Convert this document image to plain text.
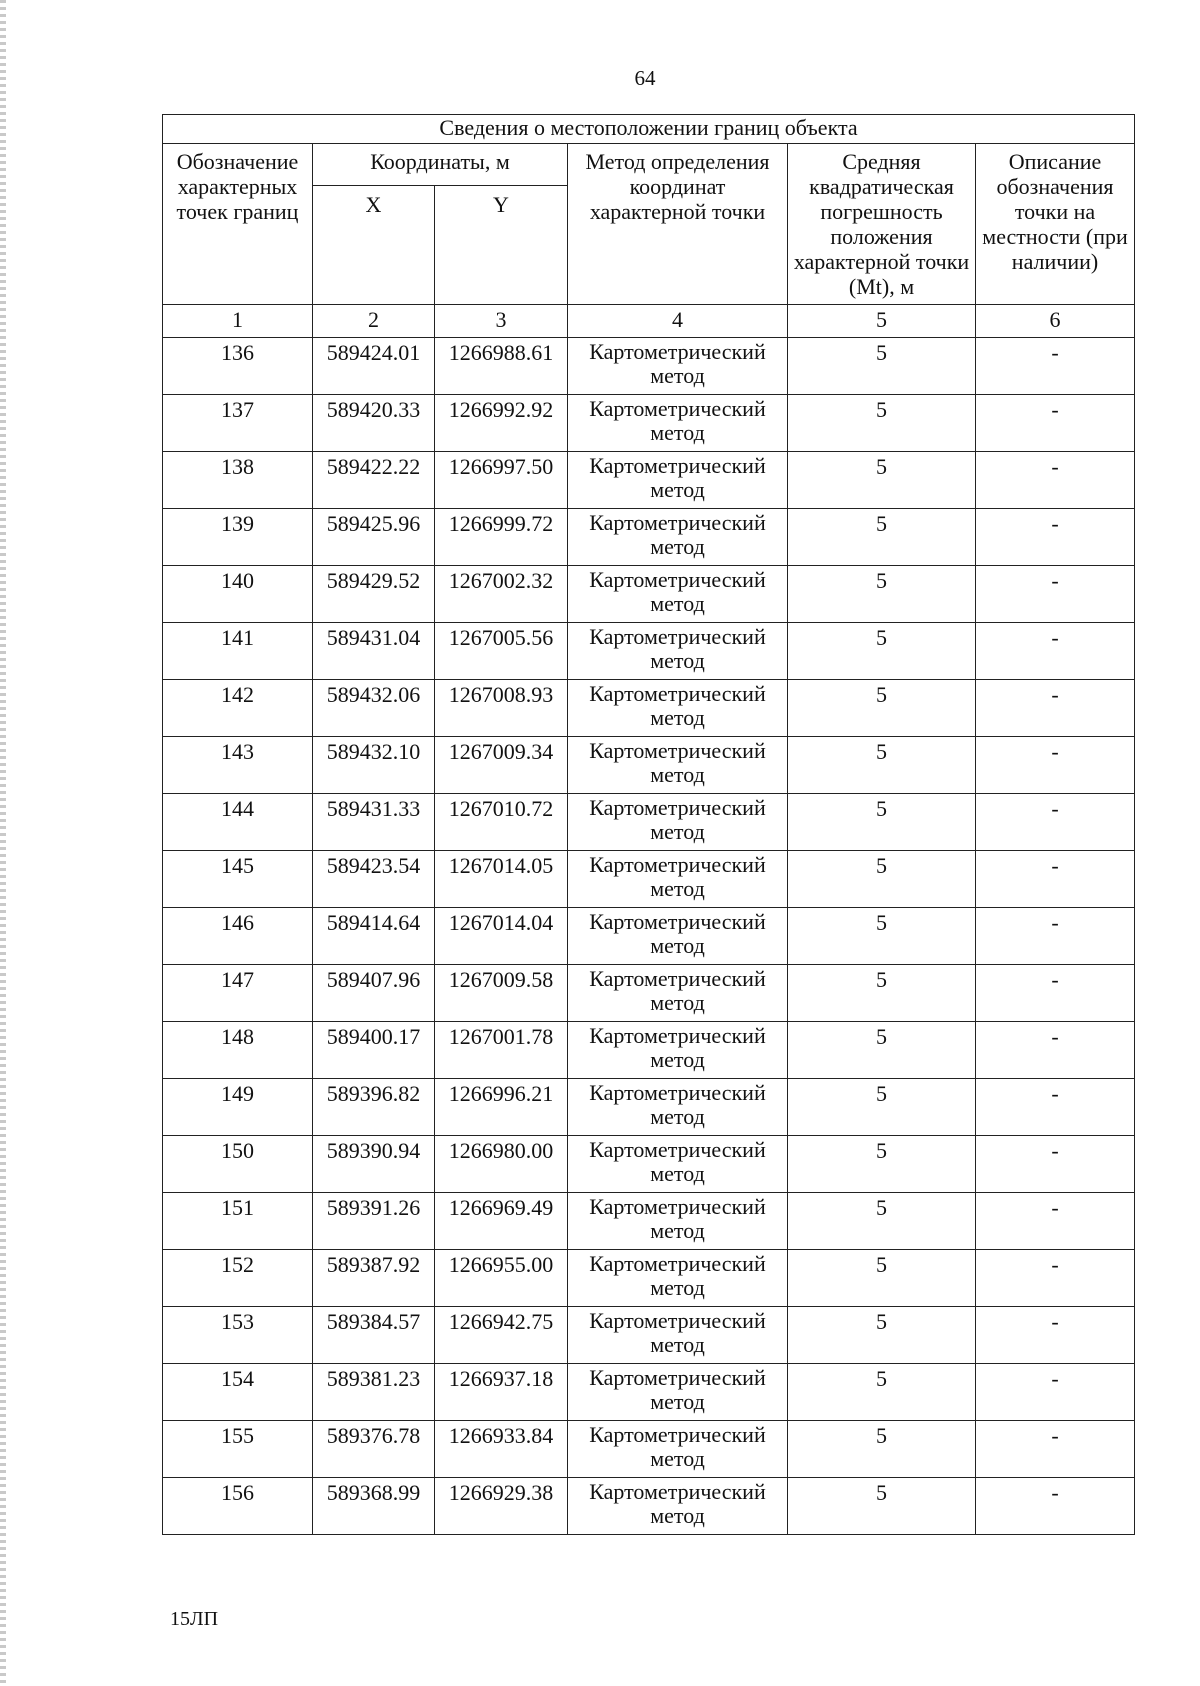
64
Сведения о местоположении границ объекта					
Обозначение характерных точек границ	Координаты, м		Метод определения координат характерной точки	Средняя квадратическая погрешность положения характерной точки (Mt), м	Описание обозначения точки на местности (при наличии)
	X	Y			
1	2	3	4	5	6
136	589424.01	1266988.61	Картометрический метод	5	-
137	589420.33	1266992.92	Картометрический метод	5	-
138	589422.22	1266997.50	Картометрический метод	5	-
139	589425.96	1266999.72	Картометрический метод	5	-
140	589429.52	1267002.32	Картометрический метод	5	-
141	589431.04	1267005.56	Картометрический метод	5	-
142	589432.06	1267008.93	Картометрический метод	5	-
143	589432.10	1267009.34	Картометрический метод	5	-
144	589431.33	1267010.72	Картометрический метод	5	-
145	589423.54	1267014.05	Картометрический метод	5	-
146	589414.64	1267014.04	Картометрический метод	5	-
147	589407.96	1267009.58	Картометрический метод	5	-
148	589400.17	1267001.78	Картометрический метод	5	-
149	589396.82	1266996.21	Картометрический метод	5	-
150	589390.94	1266980.00	Картометрический метод	5	-
151	589391.26	1266969.49	Картометрический метод	5	-
152	589387.92	1266955.00	Картометрический метод	5	-
153	589384.57	1266942.75	Картометрический метод	5	-
154	589381.23	1266937.18	Картометрический метод	5	-
155	589376.78	1266933.84	Картометрический метод	5	-
156	589368.99	1266929.38	Картометрический метод	5	-
15ЛП
